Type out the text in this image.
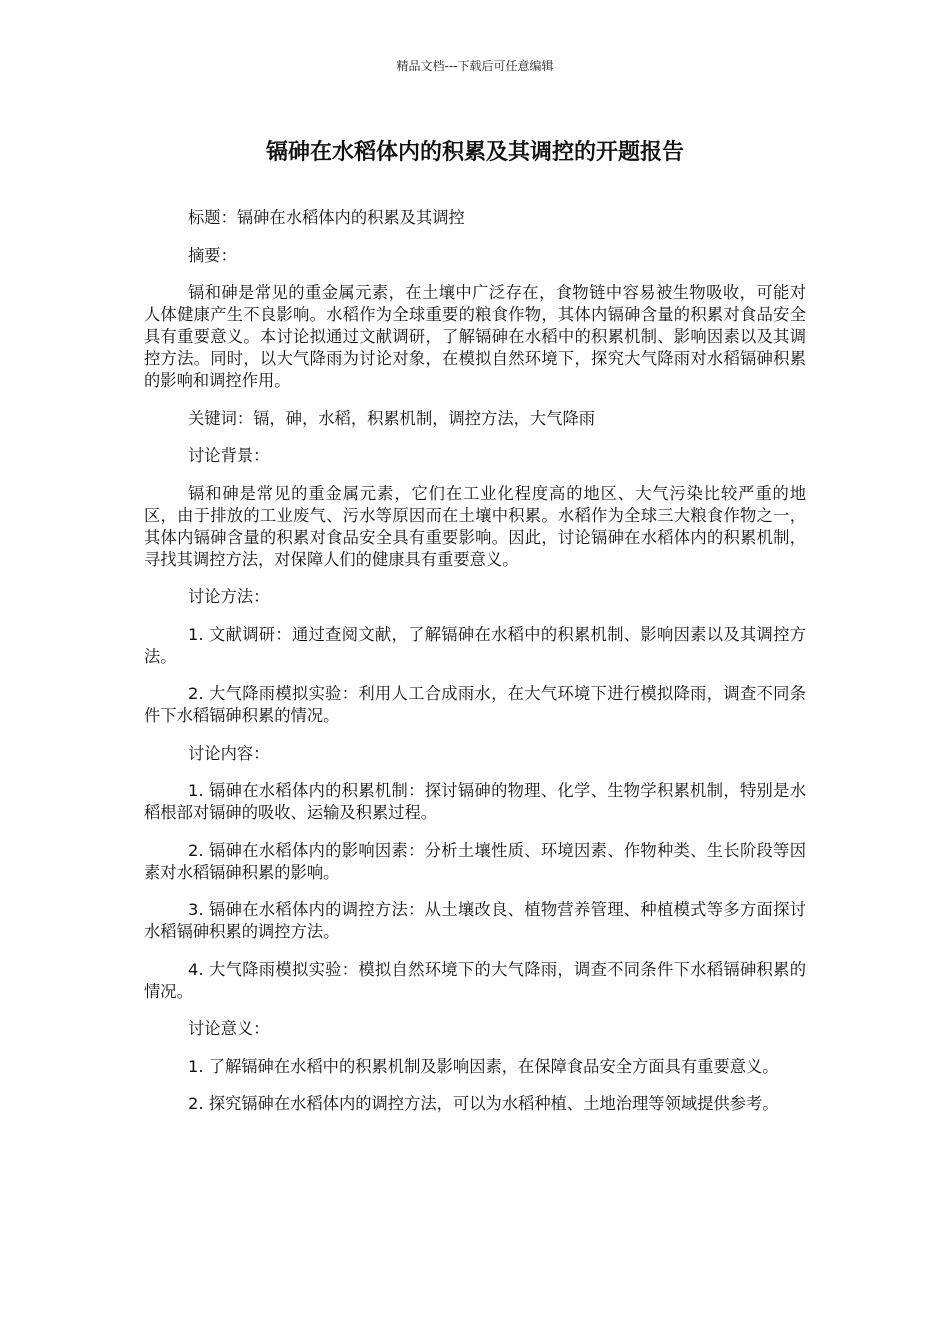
精品文档---下载后可任意编辑
镉砷在水稻体内的积累及其调控的开题报告

标题：镉砷在水稻体内的积累及其调控

摘要：

镉和砷是常见的重金属元素，在土壤中广泛存在，食物链中容易被生物吸收，可能对人体健康产生不良影响。水稻作为全球重要的粮食作物，其体内镉砷含量的积累对食品安全具有重要意义。本讨论拟通过文献调研，了解镉砷在水稻中的积累机制、影响因素以及其调控方法。同时，以大气降雨为讨论对象，在模拟自然环境下，探究大气降雨对水稻镉砷积累的影响和调控作用。

关键词：镉，砷，水稻，积累机制，调控方法，大气降雨

讨论背景：

镉和砷是常见的重金属元素，它们在工业化程度高的地区、大气污染比较严重的地区，由于排放的工业废气、污水等原因而在土壤中积累。水稻作为全球三大粮食作物之一，其体内镉砷含量的积累对食品安全具有重要影响。因此，讨论镉砷在水稻体内的积累机制，寻找其调控方法，对保障人们的健康具有重要意义。

讨论方法：

1. 文献调研：通过查阅文献，了解镉砷在水稻中的积累机制、影响因素以及其调控方法。

2. 大气降雨模拟实验：利用人工合成雨水，在大气环境下进行模拟降雨，调查不同条件下水稻镉砷积累的情况。

讨论内容：

1. 镉砷在水稻体内的积累机制：探讨镉砷的物理、化学、生物学积累机制，特别是水稻根部对镉砷的吸收、运输及积累过程。

2. 镉砷在水稻体内的影响因素：分析土壤性质、环境因素、作物种类、生长阶段等因素对水稻镉砷积累的影响。

3. 镉砷在水稻体内的调控方法：从土壤改良、植物营养管理、种植模式等多方面探讨水稻镉砷积累的调控方法。

4. 大气降雨模拟实验：模拟自然环境下的大气降雨，调查不同条件下水稻镉砷积累的情况。

讨论意义：

1. 了解镉砷在水稻中的积累机制及影响因素，在保障食品安全方面具有重要意义。

2. 探究镉砷在水稻体内的调控方法，可以为水稻种植、土地治理等领域提供参考。
